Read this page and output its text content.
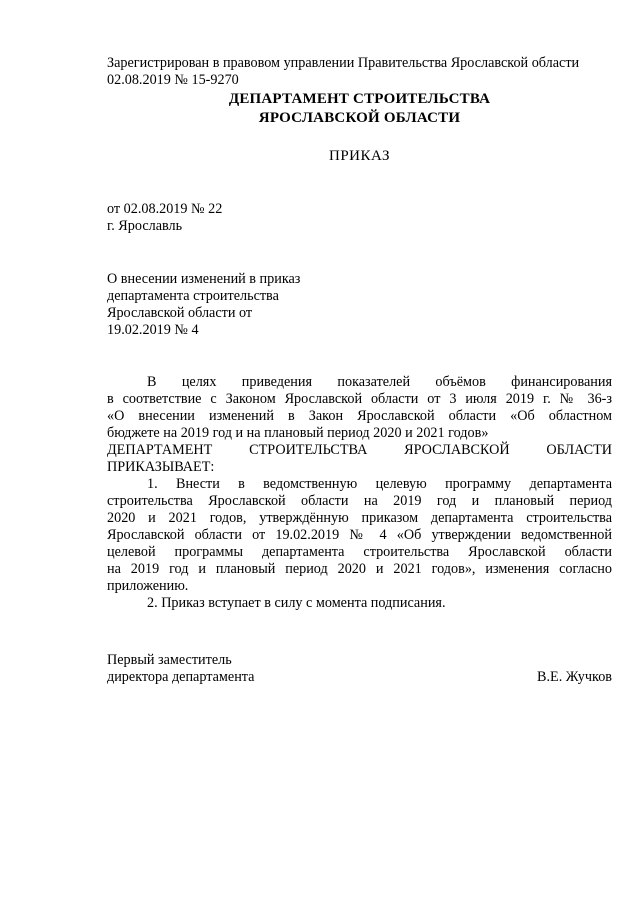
Зарегистрирован в правовом управлении Правительства Ярославской области
02.08.2019 № 15-9270
ДЕПАРТАМЕНТ СТРОИТЕЛЬСТВА
ЯРОСЛАВСКОЙ ОБЛАСТИ
ПРИКАЗ
от 02.08.2019 № 22
г. Ярославль
О внесении изменений в приказ
департамента строительства
Ярославской области от
19.02.2019 № 4
В целях приведения показателей объёмов финансирования
в соответствие с Законом Ярославской области от 3 июля 2019 г. № 36-з
«О внесении изменений в Закон Ярославской области «Об областном
бюджете на 2019 год и на плановый период 2020 и 2021 годов»
ДЕПАРТАМЕНТ СТРОИТЕЛЬСТВА ЯРОСЛАВСКОЙ ОБЛАСТИ
ПРИКАЗЫВАЕТ:
1. Внести в ведомственную целевую программу департамента
строительства Ярославской области на 2019 год и плановый период
2020 и 2021 годов, утверждённую приказом департамента строительства
Ярославской области от 19.02.2019 № 4 «Об утверждении ведомственной
целевой программы департамента строительства Ярославской области
на 2019 год и плановый период 2020 и 2021 годов», изменения согласно
приложению.
2. Приказ вступает в силу с момента подписания.
Первый заместитель
директора департамента	В.Е. Жучков
